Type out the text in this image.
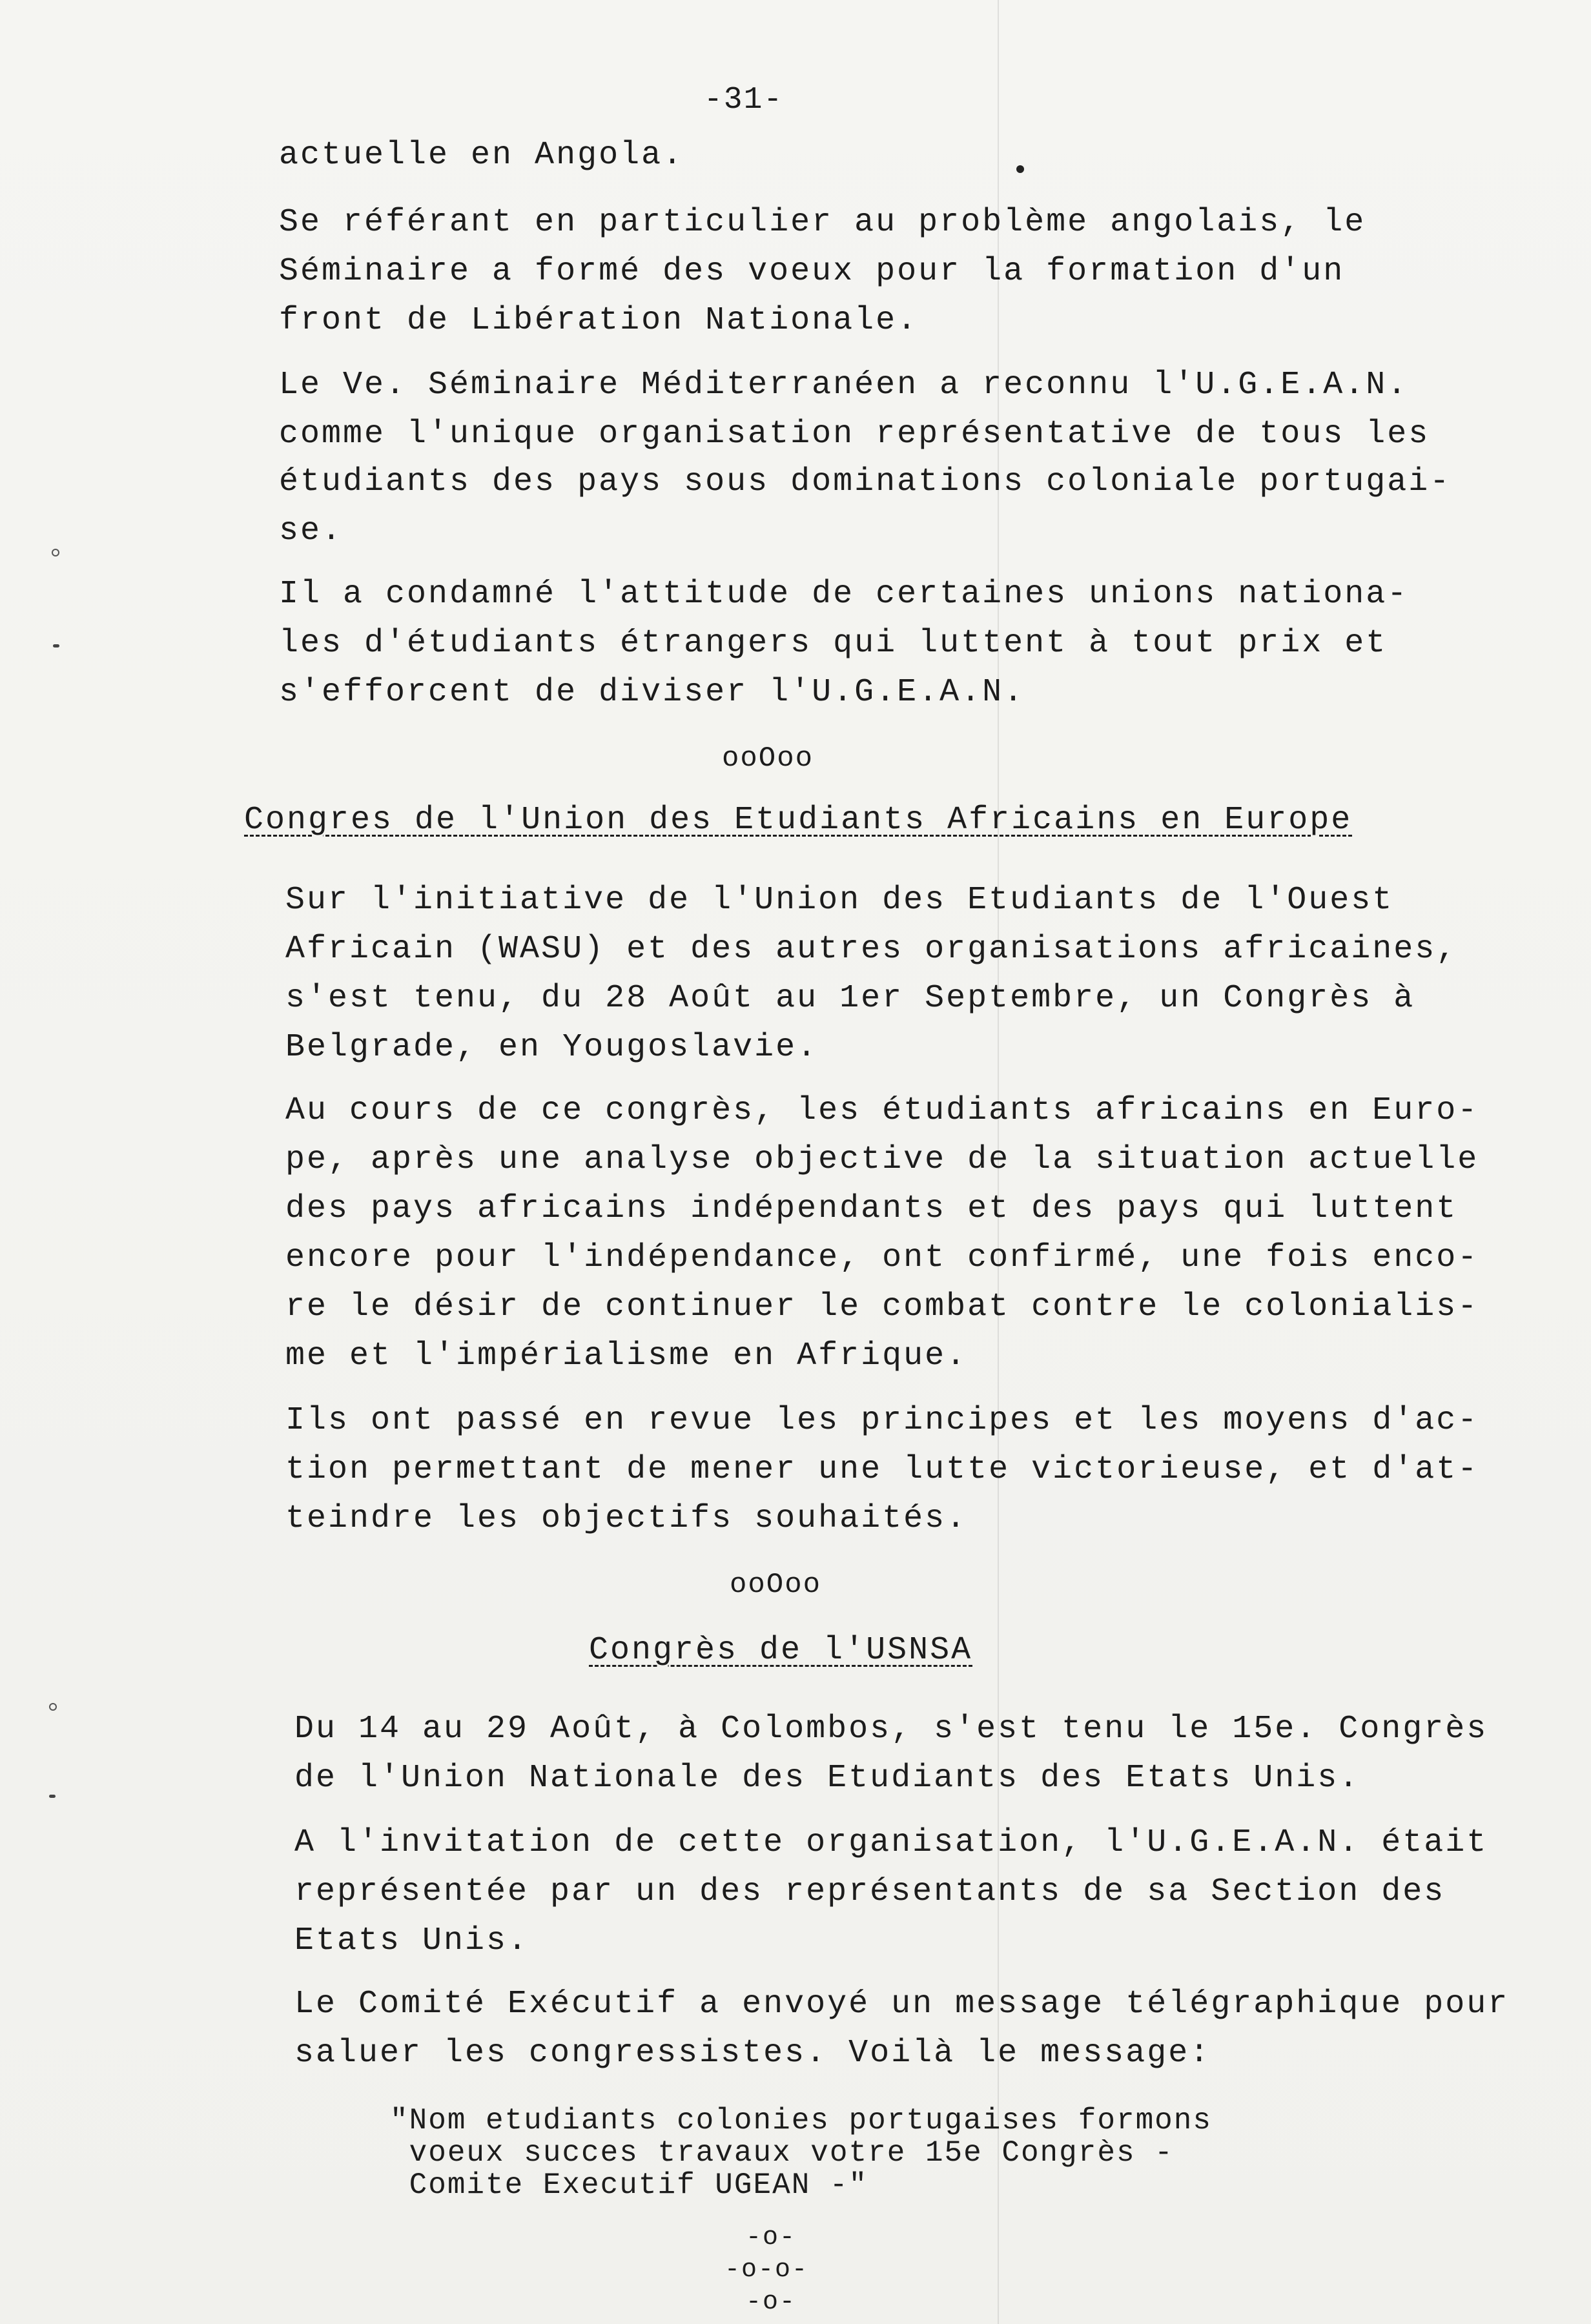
-31-
actuelle en Angola.
Se référant en particulier au problème angolais, le
Séminaire a formé des voeux pour la formation d'un
front de Libération Nationale.
Le Ve. Séminaire Méditerranéen a reconnu l'U.G.E.A.N.
comme l'unique organisation représentative de tous les
étudiants des pays sous dominations coloniale portugai-
se.
Il a condamné l'attitude de certaines unions nationa-
les d'étudiants étrangers qui luttent à tout prix et
s'efforcent de diviser l'U.G.E.A.N.
ooOoo
Congres de l'Union des Etudiants Africains en Europe
Sur l'initiative de l'Union des Etudiants de l'Ouest
Africain (WASU) et des autres organisations africaines,
s'est tenu, du 28 Août au 1er Septembre, un Congrès à
Belgrade, en Yougoslavie.
Au cours de ce congrès, les étudiants africains en Euro-
pe, après une analyse objective de la situation actuelle
des pays africains indépendants et des pays qui luttent
encore pour l'indépendance, ont confirmé, une fois enco-
re le désir de continuer le combat contre le colonialis-
me et l'impérialisme en Afrique.
Ils ont passé en revue les principes et les moyens d'ac-
tion permettant de mener une lutte victorieuse, et d'at-
teindre les objectifs souhaités.
ooOoo
Congrès de l'USNSA
Du 14 au 29 Août, à Colombos, s'est tenu le 15e. Congrès
de l'Union Nationale des Etudiants des Etats Unis.
A l'invitation de cette organisation, l'U.G.E.A.N. était
représentée par un des représentants de sa Section des
Etats Unis.
Le Comité Exécutif a envoyé un message télégraphique pour
saluer les congressistes. Voilà le message:
"Nom etudiants colonies portugaises formons
voeux succes travaux votre 15e Congrès -
Comite Executif UGEAN -"
-o-
-o-o-
-o-
